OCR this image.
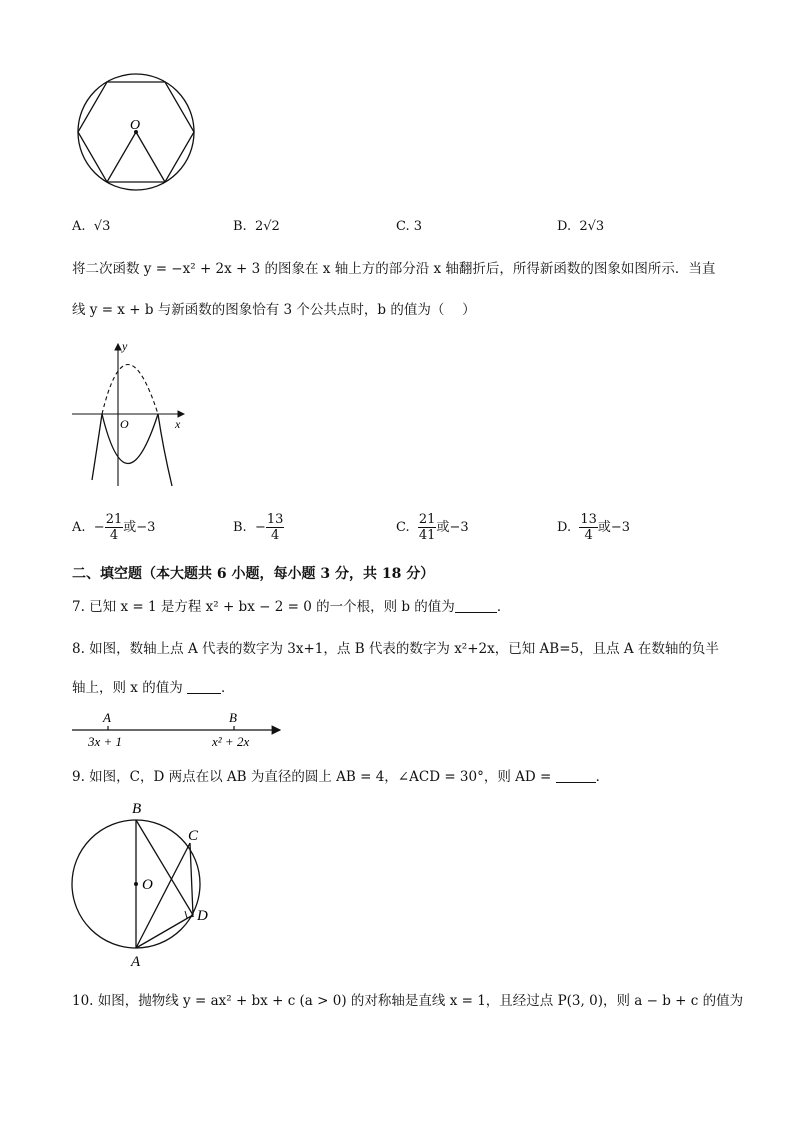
O
A. √3	B. 2√2	C. 3	D. 2√3
将二次函数 y = −x² + 2x + 3 的图象在 x 轴上方的部分沿 x 轴翻折后，所得新函数的图象如图所示．当直
线 y = x + b 与新函数的图象恰有 3 个公共点时，b 的值为（　 ）
y
x
O
A. − $\frac{21}{4}$ 或−3	B. − $\frac{13}{4}$	C. $\frac{21}{41}$ 或−3	D. $\frac{13}{4}$ 或−3
二、填空题（本大题共 6 小题，每小题 3 分，共 18 分）
7. 已知 x = 1 是方程 x² + bx − 2 = 0 的一个根，则 b 的值为	．
8. 如图，数轴上点 A 代表的数字为 3x+1，点 B 代表的数字为 x²+2x，已知 AB=5，且点 A 在数轴的负半
轴上，则 x 的值为	．
A	B
3x + 1	x² + 2x
9. 如图，C，D 两点在以 AB 为直径的圆上 AB = 4，∠ACD = 30°，则 AD =	．
B
C
O
D
A
10. 如图，抛物线 y = ax² + bx + c (a > 0) 的对称轴是直线 x = 1，且经过点 P(3, 0)，则 a − b + c 的值为
